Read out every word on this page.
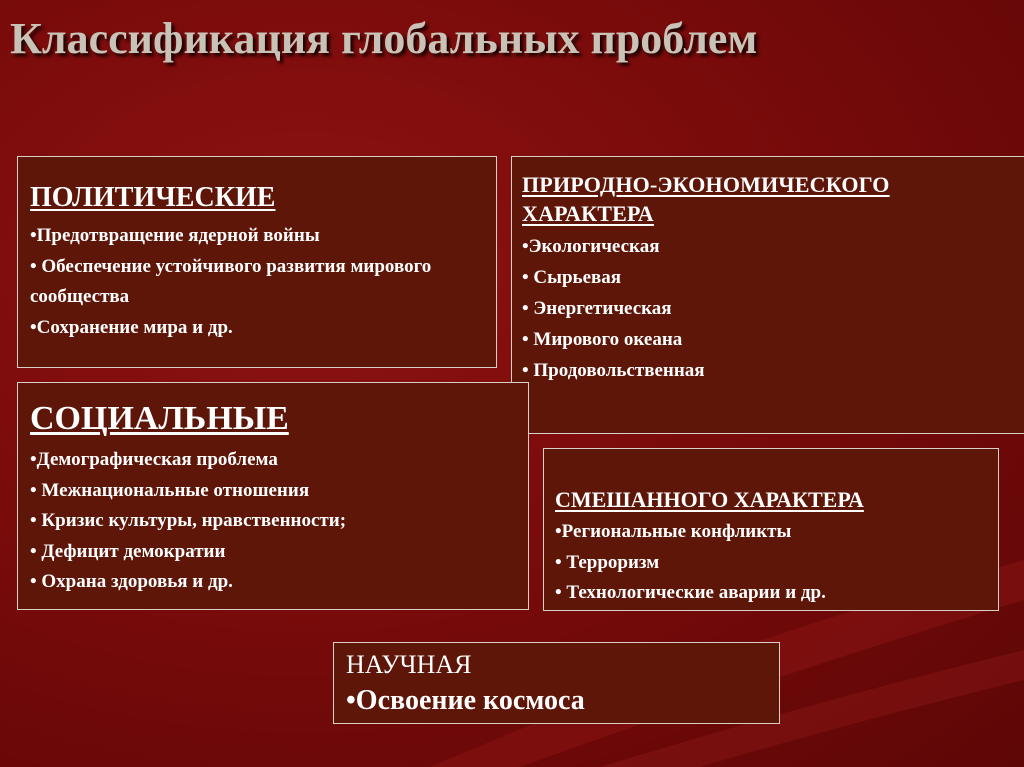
Классификация глобальных проблем
ПОЛИТИЧЕСКИЕ
•Предотвращение ядерной войны
• Обеспечение устойчивого развития мирового сообщества
•Сохранение мира и др.
ПРИРОДНО-ЭКОНОМИЧЕСКОГО ХАРАКТЕРА
•Экологическая
• Сырьевая
• Энергетическая
• Мирового океана
• Продовольственная
СОЦИАЛЬНЫЕ
•Демографическая проблема
• Межнациональные отношения
• Кризис культуры, нравственности;
• Дефицит демократии
• Охрана здоровья и др.
СМЕШАННОГО ХАРАКТЕРА
•Региональные конфликты
• Терроризм
• Технологические аварии и др.
НАУЧНАЯ
•Освоение космоса
